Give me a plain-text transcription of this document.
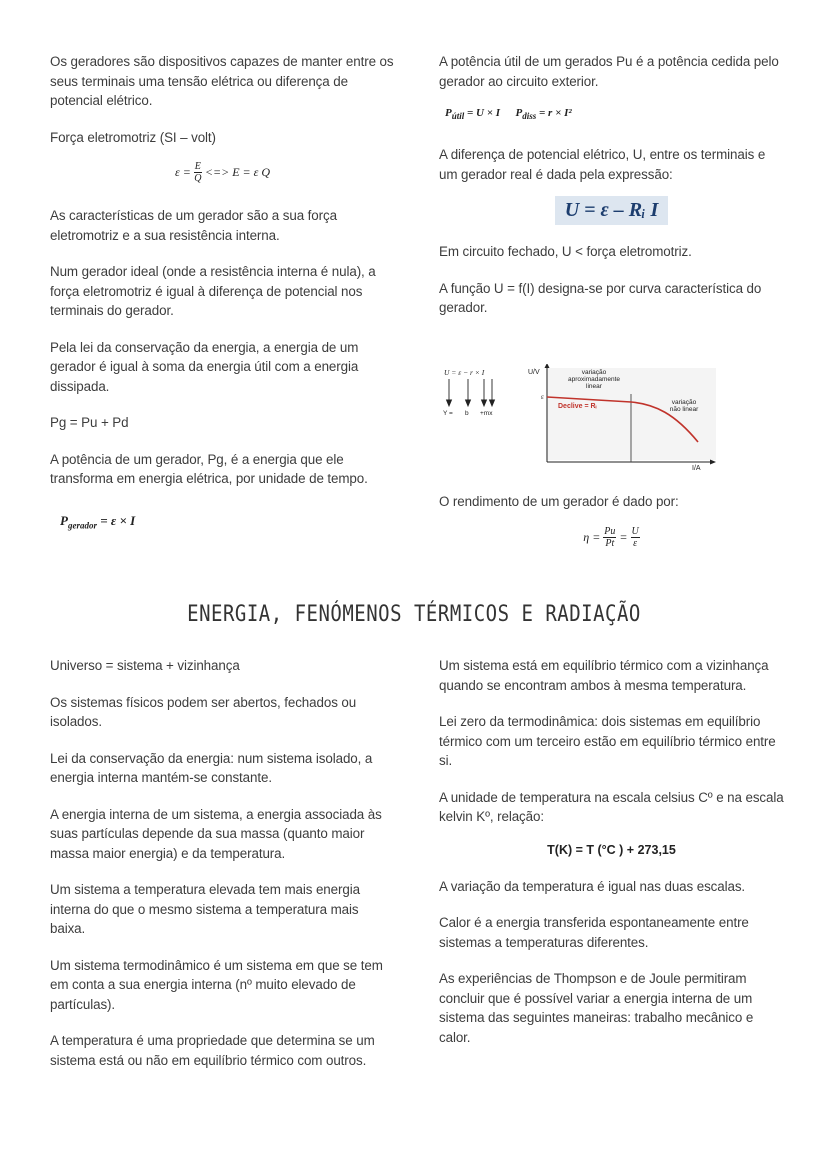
Os geradores são dispositivos capazes de manter entre os seus terminais uma tensão elétrica ou diferença de potencial elétrico.

Força eletromotriz (SI – volt)

$\varepsilon = \frac{E}{Q}$ <=> E = ε Q

As características de um gerador são a sua força eletromotriz e a sua resistência interna.

Num gerador ideal (onde a resistência interna é nula), a força eletromotriz é igual à diferença de potencial nos terminais do gerador.

Pela lei da conservação da energia, a energia de um gerador é igual à soma da energia útil com a energia dissipada.

Pg = Pu + Pd

A potência de um gerador, Pg, é a energia que ele transforma em energia elétrica, por unidade de tempo.

$P_{gerador} = \varepsilon \times I$

A potência útil de um gerados Pu é a potência cedida pelo gerador ao circuito exterior.

$P_{útil} = U \times I$ $P_{diss} = r \times I^2$

A diferença de potencial elétrico, U, entre os terminais e um gerador real é dada pela expressão:

U = ε – Rᵢ I

Em circuito fechado, U < força eletromotriz.

A função U = f(I) designa-se por curva característica do gerador.

U = ε − r × I
Y = b +mx
U/V
I/A
ε
variação
aproximadamente
linear
Declive = Rᵢ
variação
não linear

O rendimento de um gerador é dado por:

$\eta = \frac{Pu}{Pt} = \frac{U}{\varepsilon}$
ENERGIA, FENÓMENOS TÉRMICOS E RADIAÇÃO

Universo = sistema + vizinhança

Os sistemas físicos podem ser abertos, fechados ou isolados.

Lei da conservação da energia: num sistema isolado, a energia interna mantém-se constante.

A energia interna de um sistema, a energia associada às suas partículas depende da sua massa (quanto maior massa maior energia) e da temperatura.

Um sistema a temperatura elevada tem mais energia interna do que o mesmo sistema a temperatura mais baixa.

Um sistema termodinâmico é um sistema em que se tem em conta a sua energia interna (nº muito elevado de partículas).

A temperatura é uma propriedade que determina se um sistema está ou não em equilíbrio térmico com outros.

Um sistema está em equilíbrio térmico com a vizinhança quando se encontram ambos à mesma temperatura.

Lei zero da termodinâmica: dois sistemas em equilíbrio térmico com um terceiro estão em equilíbrio térmico entre si.

A unidade de temperatura na escala celsius Cº e na escala kelvin Kº, relação:

T(K) = T (°C ) + 273,15

A variação da temperatura é igual nas duas escalas.

Calor é a energia transferida espontaneamente entre sistemas a temperaturas diferentes.

As experiências de Thompson e de Joule permitiram concluir que é possível variar a energia interna de um sistema das seguintes maneiras: trabalho mecânico e calor.
